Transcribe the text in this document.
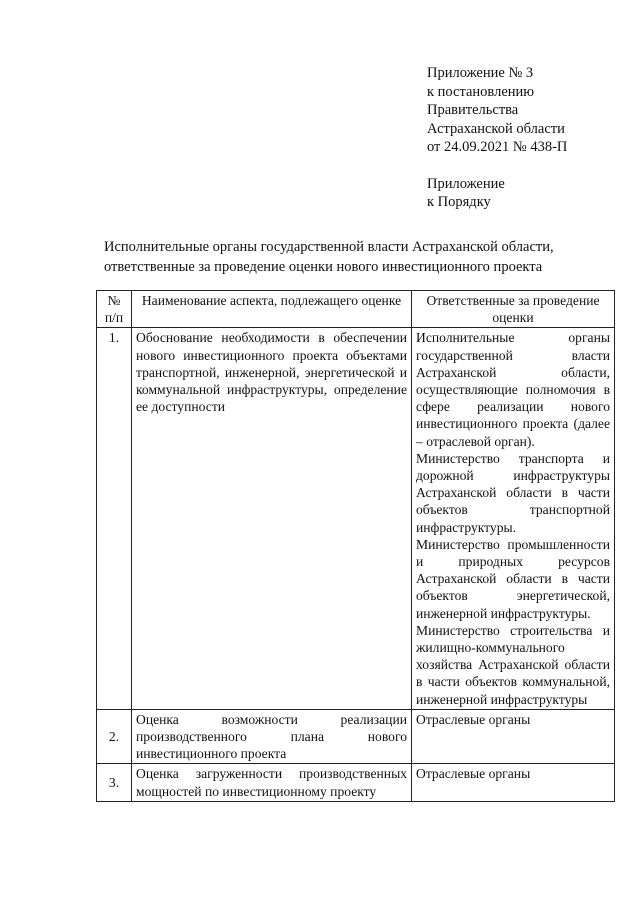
Приложение № 3
к постановлению
Правительства
Астраханской области
от 24.09.2021 № 438-П
Приложение
к Порядку
Исполнительные органы государственной власти Астраханской области, ответственные за проведение оценки нового инвестиционного проекта
№ п/п	Наименование аспекта, подлежащего оценке	Ответственные за проведение оценки
1.	Обоснование необходимости в обеспечении нового инвестиционного проекта объектами транспортной, инженерной, энергетической и коммунальной инфраструктуры, определение ее доступности	Исполнительные органы государственной власти Астраханской области, осуществляющие полномочия в сфере реализации нового инвестиционного проекта (далее – отраслевой орган).
Министерство транспорта и дорожной инфраструктуры Астраханской области в части объектов транспортной инфраструктуры.
Министерство промышленности и природных ресурсов Астраханской области в части объектов энергетической, инженерной инфраструктуры.
Министерство строительства и жилищно-коммунального хозяйства Астраханской области в части объектов коммунальной, инженерной инфраструктуры

2.	Оценка возможности реализации производственного плана нового инвестиционного проекта	Отраслевые органы

3.	Оценка загруженности производственных мощностей по инвестиционному проекту	Отраслевые органы
